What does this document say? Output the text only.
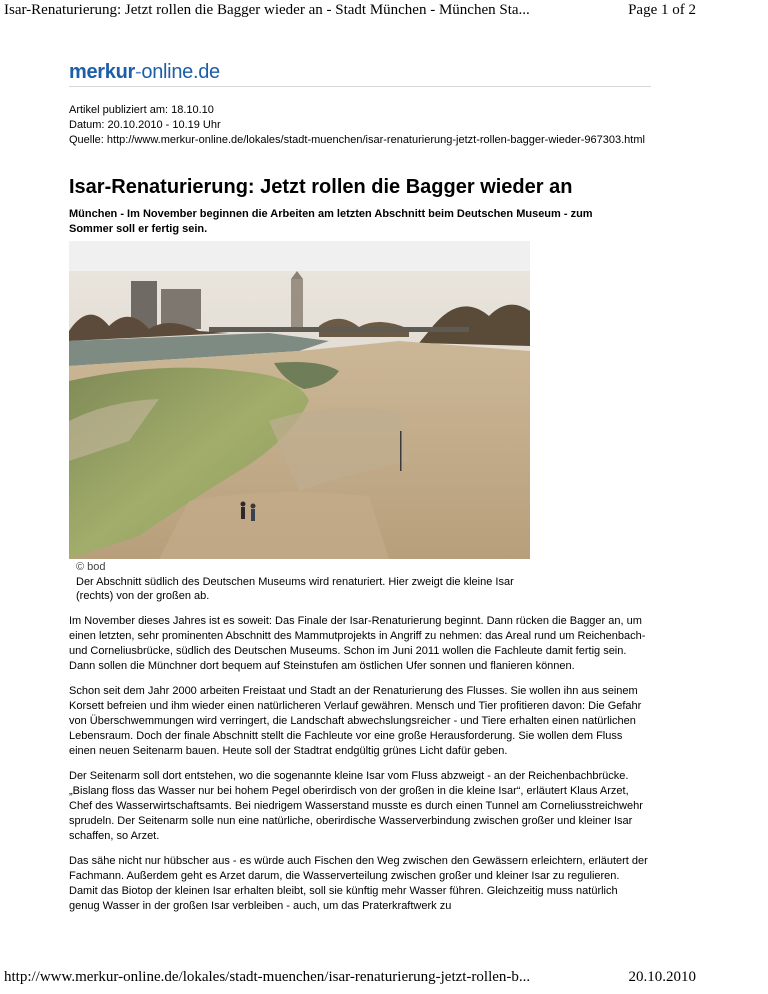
Isar-Renaturierung: Jetzt rollen die Bagger wieder an - Stadt München - München Sta...	Page 1 of 2
merkur-online.de
Artikel publiziert am: 18.10.10
Datum: 20.10.2010 - 10.19 Uhr
Quelle: http://www.merkur-online.de/lokales/stadt-muenchen/isar-renaturierung-jetzt-rollen-bagger-wieder-967303.html
Isar-Renaturierung: Jetzt rollen die Bagger wieder an
München - Im November beginnen die Arbeiten am letzten Abschnitt beim Deutschen Museum - zum Sommer soll er fertig sein.
© bod
Der Abschnitt südlich des Deutschen Museums wird renaturiert. Hier zweigt die kleine Isar (rechts) von der großen ab.

Im November dieses Jahres ist es soweit: Das Finale der Isar-Renaturierung beginnt. Dann rücken die Bagger an, um einen letzten, sehr prominenten Abschnitt des Mammutprojekts in Angriff zu nehmen: das Areal rund um Reichenbach- und Corneliusbrücke, südlich des Deutschen Museums. Schon im Juni 2011 wollen die Fachleute damit fertig sein. Dann sollen die Münchner dort bequem auf Steinstufen am östlichen Ufer sonnen und flanieren können.

Schon seit dem Jahr 2000 arbeiten Freistaat und Stadt an der Renaturierung des Flusses. Sie wollen ihn aus seinem Korsett befreien und ihm wieder einen natürlicheren Verlauf gewähren. Mensch und Tier profitieren davon: Die Gefahr von Überschwemmungen wird verringert, die Landschaft abwechslungsreicher - und Tiere erhalten einen natürlichen Lebensraum. Doch der finale Abschnitt stellt die Fachleute vor eine große Herausforderung. Sie wollen dem Fluss einen neuen Seitenarm bauen. Heute soll der Stadtrat endgültig grünes Licht dafür geben.

Der Seitenarm soll dort entstehen, wo die sogenannte kleine Isar vom Fluss abzweigt - an der Reichenbachbrücke. „Bislang floss das Wasser nur bei hohem Pegel oberirdisch von der großen in die kleine Isar“, erläutert Klaus Arzet, Chef des Wasserwirtschaftsamts. Bei niedrigem Wasserstand musste es durch einen Tunnel am Corneliusstreichwehr sprudeln. Der Seitenarm solle nun eine natürliche, oberirdische Wasserverbindung zwischen großer und kleiner Isar schaffen, so Arzet.

Das sähe nicht nur hübscher aus - es würde auch Fischen den Weg zwischen den Gewässern erleichtern, erläutert der Fachmann. Außerdem geht es Arzet darum, die Wasserverteilung zwischen großer und kleiner Isar zu regulieren. Damit das Biotop der kleinen Isar erhalten bleibt, soll sie künftig mehr Wasser führen. Gleichzeitig muss natürlich genug Wasser in der großen Isar verbleiben - auch, um das Praterkraftwerk zu

http://www.merkur-online.de/lokales/stadt-muenchen/isar-renaturierung-jetzt-rollen-b...	20.10.2010
